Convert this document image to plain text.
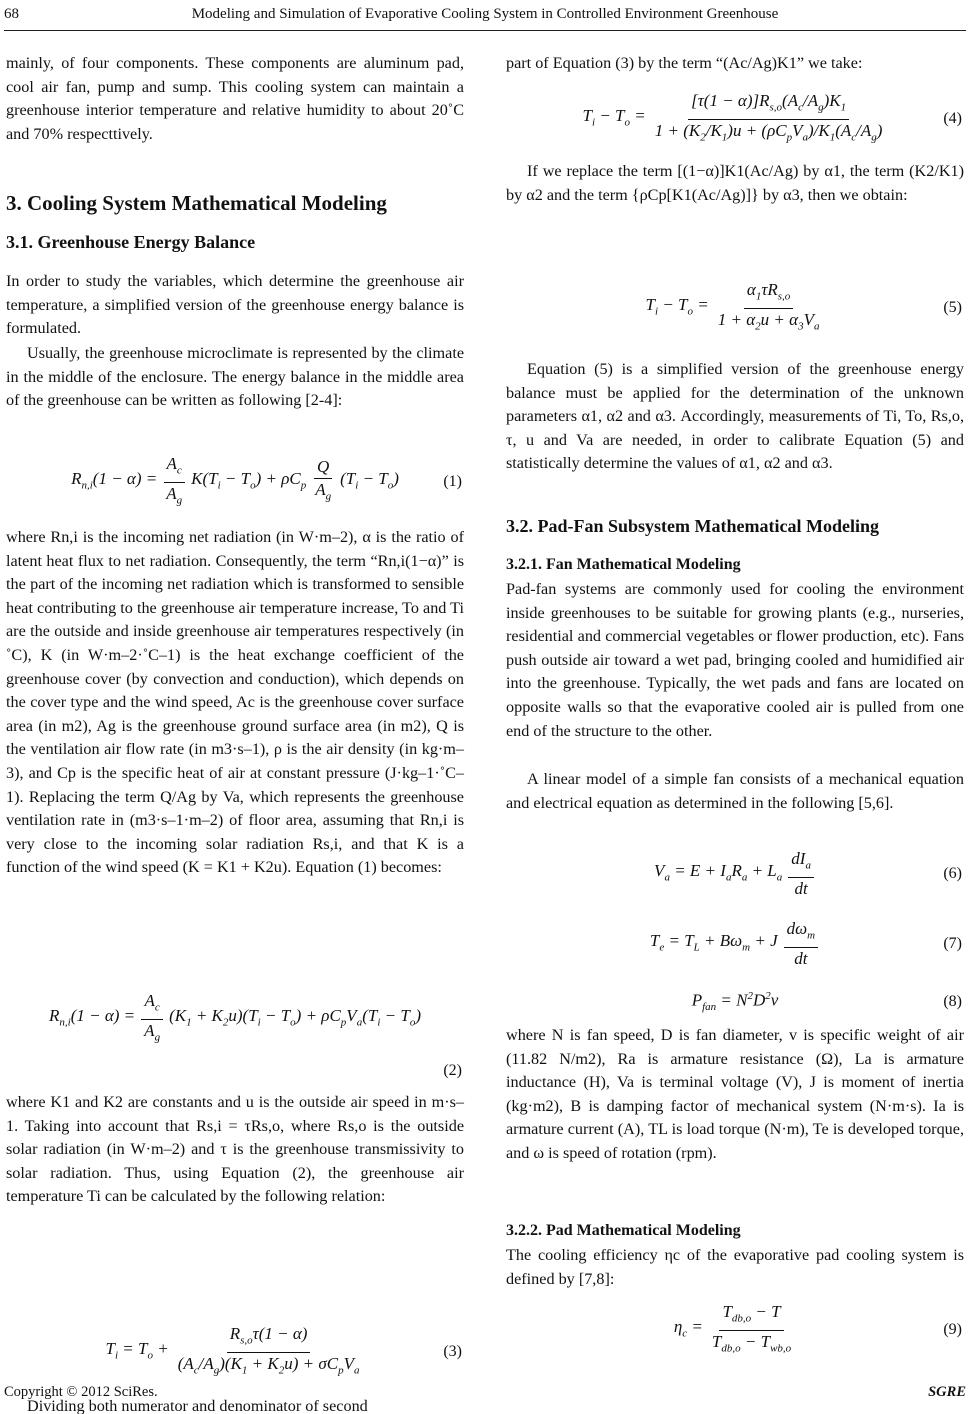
68	Modeling and Simulation of Evaporative Cooling System in Controlled Environment Greenhouse

mainly, of four components. These components are aluminum pad, cool air fan, pump and sump. This cooling system can maintain a greenhouse interior temperature and relative humidity to about 20˚C and 70% respecttively.

3. Cooling System Mathematical Modeling
3.1. Greenhouse Energy Balance

In order to study the variables, which determine the greenhouse air temperature, a simplified version of the greenhouse energy balance is formulated.

Usually, the greenhouse microclimate is represented by the climate in the middle of the enclosure. The energy balance in the middle area of the greenhouse can be written as following [2-4]:

$R_{n,i}(1 - \alpha) = \frac{A_c}{A_g} K(T_i - T_o) + \rho C_p \frac{Q}{A_g} (T_i - T_o)$	(1)

where Rn,i is the incoming net radiation (in W·m–2), α is the ratio of latent heat flux to net radiation. Consequently, the term “Rn,i(1−α)” is the part of the incoming net radiation which is transformed to sensible heat contributing to the greenhouse air temperature increase, To and Ti are the outside and inside greenhouse air temperatures respectively (in ˚C), K (in W·m–2·˚C–1) is the heat exchange coefficient of the greenhouse cover (by convection and conduction), which depends on the cover type and the wind speed, Ac is the greenhouse cover surface area (in m2), Ag is the greenhouse ground surface area (in m2), Q is the ventilation air flow rate (in m3·s–1), ρ is the air density (in kg·m–3), and Cp is the specific heat of air at constant pressure (J·kg–1·˚C–1). Replacing the term Q/Ag by Va, which represents the greenhouse ventilation rate in (m3·s–1·m–2) of floor area, assuming that Rn,i is very close to the incoming solar radiation Rs,i, and that K is a function of the wind speed (K = K1 + K2u). Equation (1) becomes:

$R_{n,i}(1 - \alpha) = \frac{A_c}{A_g} (K_1 + K_2u)(T_i - T_o) + \rho C_pV_a(T_i - T_o)$
(2)

where K1 and K2 are constants and u is the outside air speed in m·s–1. Taking into account that Rs,i = τRs,o, where Rs,o is the outside solar radiation (in W·m–2) and τ is the greenhouse transmissivity to solar radiation. Thus, using Equation (2), the greenhouse air temperature Ti can be calculated by the following relation:

$T_i = T_o + \frac{R_{s,o}\tau(1 - \alpha)}{(A_c/A_g)(K_1 + K_2u) + \sigma C_pV_a}$	(3)

Dividing both numerator and denominator of second

part of Equation (3) by the term “(Ac/Ag)K1” we take:

$T_i - T_o = \frac{[\tau(1 - \alpha)]R_{s,o}(A_c/A_g)K_1}{1 + (K_2/K_1)u + (\rho C_pV_a)/K_1(A_c/A_g)}$	(4)

If we replace the term [(1−α)]K1(Ac/Ag) by α1, the term (K2/K1) by α2 and the term {ρCp[K1(Ac/Ag)]} by α3, then we obtain:

$T_i - T_o = \frac{\alpha_1\tau R_{s,o}}{1 + \alpha_2u + \alpha_3V_a}$	(5)

Equation (5) is a simplified version of the greenhouse energy balance must be applied for the determination of the unknown parameters α1, α2 and α3. Accordingly, measurements of Ti, To, Rs,o, τ, u and Va are needed, in order to calibrate Equation (5) and statistically determine the values of α1, α2 and α3.

3.2. Pad-Fan Subsystem Mathematical Modeling
3.2.1. Fan Mathematical Modeling

Pad-fan systems are commonly used for cooling the environment inside greenhouses to be suitable for growing plants (e.g., nurseries, residential and commercial vegetables or flower production, etc). Fans push outside air toward a wet pad, bringing cooled and humidified air into the greenhouse. Typically, the wet pads and fans are located on opposite walls so that the evaporative cooled air is pulled from one end of the structure to the other.

A linear model of a simple fan consists of a mechanical equation and electrical equation as determined in the following [5,6].

$V_a = E + I_aR_a + L_a \frac{dI_a}{dt}$	(6)
$T_e = T_L + B\omega_m + J \frac{d\omega_m}{dt}$	(7)
$P_{fan} = N^2D^2v$	(8)

where N is fan speed, D is fan diameter, v is specific weight of air (11.82 N/m2), Ra is armature resistance (Ω), La is armature inductance (H), Va is terminal voltage (V), J is moment of inertia (kg·m2), B is damping factor of mechanical system (N·m·s). Ia is armature current (A), TL is load torque (N·m), Te is developed torque, and ω is speed of rotation (rpm).

3.2.2. Pad Mathematical Modeling

The cooling efficiency ηc of the evaporative pad cooling system is defined by [7,8]:

$\eta_c = \frac{T_{db,o} - T}{T_{db,o} - T_{wb,o}}$	(9)
Copyright © 2012 SciRes.	SGRE
